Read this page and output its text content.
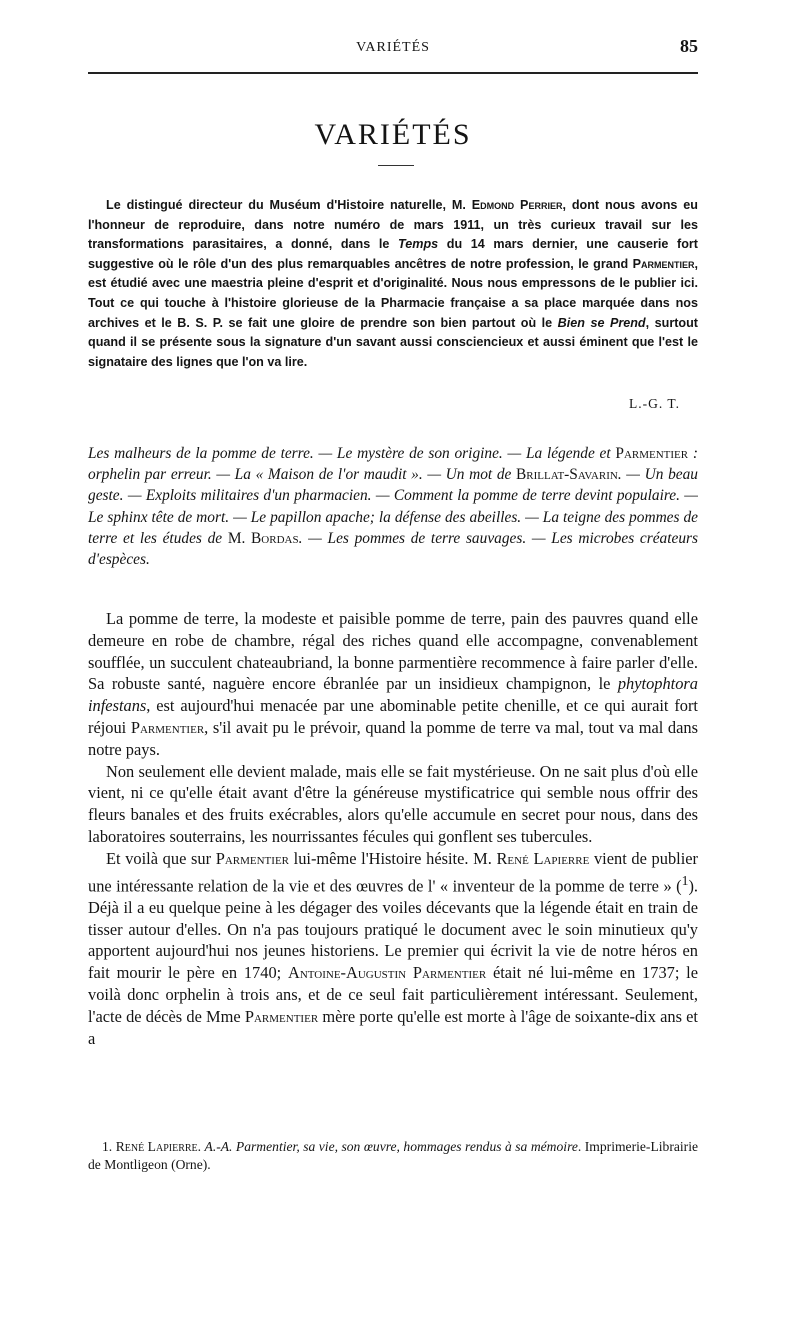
VARIÉTÉS	85
VARIÉTÉS

Le distingué directeur du Muséum d'Histoire naturelle, M. Edmond Perrier, dont nous avons eu l'honneur de reproduire, dans notre numéro de mars 1911, un très curieux travail sur les transformations parasitaires, a donné, dans le Temps du 14 mars dernier, une causerie fort suggestive où le rôle d'un des plus remarquables ancêtres de notre profession, le grand Parmentier, est étudié avec une maestria pleine d'esprit et d'originalité. Nous nous empressons de le publier ici. Tout ce qui touche à l'histoire glorieuse de la Pharmacie française a sa place marquée dans nos archives et le B. S. P. se fait une gloire de prendre son bien partout où le Bien se Prend, surtout quand il se présente sous la signature d'un savant aussi consciencieux et aussi éminent que l'est le signataire des lignes que l'on va lire.

L.-G. T.

Les malheurs de la pomme de terre. — Le mystère de son origine. — La légende et Parmentier : orphelin par erreur. — La « Maison de l'or maudit ». — Un mot de Brillat-Savarin. — Un beau geste. — Exploits militaires d'un pharmacien. — Comment la pomme de terre devint populaire. — Le sphinx tête de mort. — Le papillon apache; la défense des abeilles. — La teigne des pommes de terre et les études de M. Bordas. — Les pommes de terre sauvages. — Les microbes créateurs d'espèces.

La pomme de terre, la modeste et paisible pomme de terre, pain des pauvres quand elle demeure en robe de chambre, régal des riches quand elle accompagne, convenablement soufflée, un succulent chateaubriand, la bonne parmentière recommence à faire parler d'elle. Sa robuste santé, naguère encore ébranlée par un insidieux champignon, le phytophtora infestans, est aujourd'hui menacée par une abominable petite chenille, et ce qui aurait fort réjoui Parmentier, s'il avait pu le prévoir, quand la pomme de terre va mal, tout va mal dans notre pays.

Non seulement elle devient malade, mais elle se fait mystérieuse. On ne sait plus d'où elle vient, ni ce qu'elle était avant d'être la généreuse mystificatrice qui semble nous offrir des fleurs banales et des fruits exécrables, alors qu'elle accumule en secret pour nous, dans des laboratoires souterrains, les nourrissantes fécules qui gonflent ses tubercules.

Et voilà que sur Parmentier lui-même l'Histoire hésite. M. René Lapierre vient de publier une intéressante relation de la vie et des œuvres de l' « inventeur de la pomme de terre » ($^1$). Déjà il a eu quelque peine à les dégager des voiles décevants que la légende était en train de tisser autour d'elles. On n'a pas toujours pratiqué le document avec le soin minutieux qu'y apportent aujourd'hui nos jeunes historiens. Le premier qui écrivit la vie de notre héros en fait mourir le père en 1740; Antoine-Augustin Parmentier était né lui-même en 1737; le voilà donc orphelin à trois ans, et de ce seul fait particulièrement intéressant. Seulement, l'acte de décès de Mme Parmentier mère porte qu'elle est morte à l'âge de soixante-dix ans et a

1. René Lapierre. A.-A. Parmentier, sa vie, son œuvre, hommages rendus à sa mémoire. Imprimerie-Librairie de Montligeon (Orne).
